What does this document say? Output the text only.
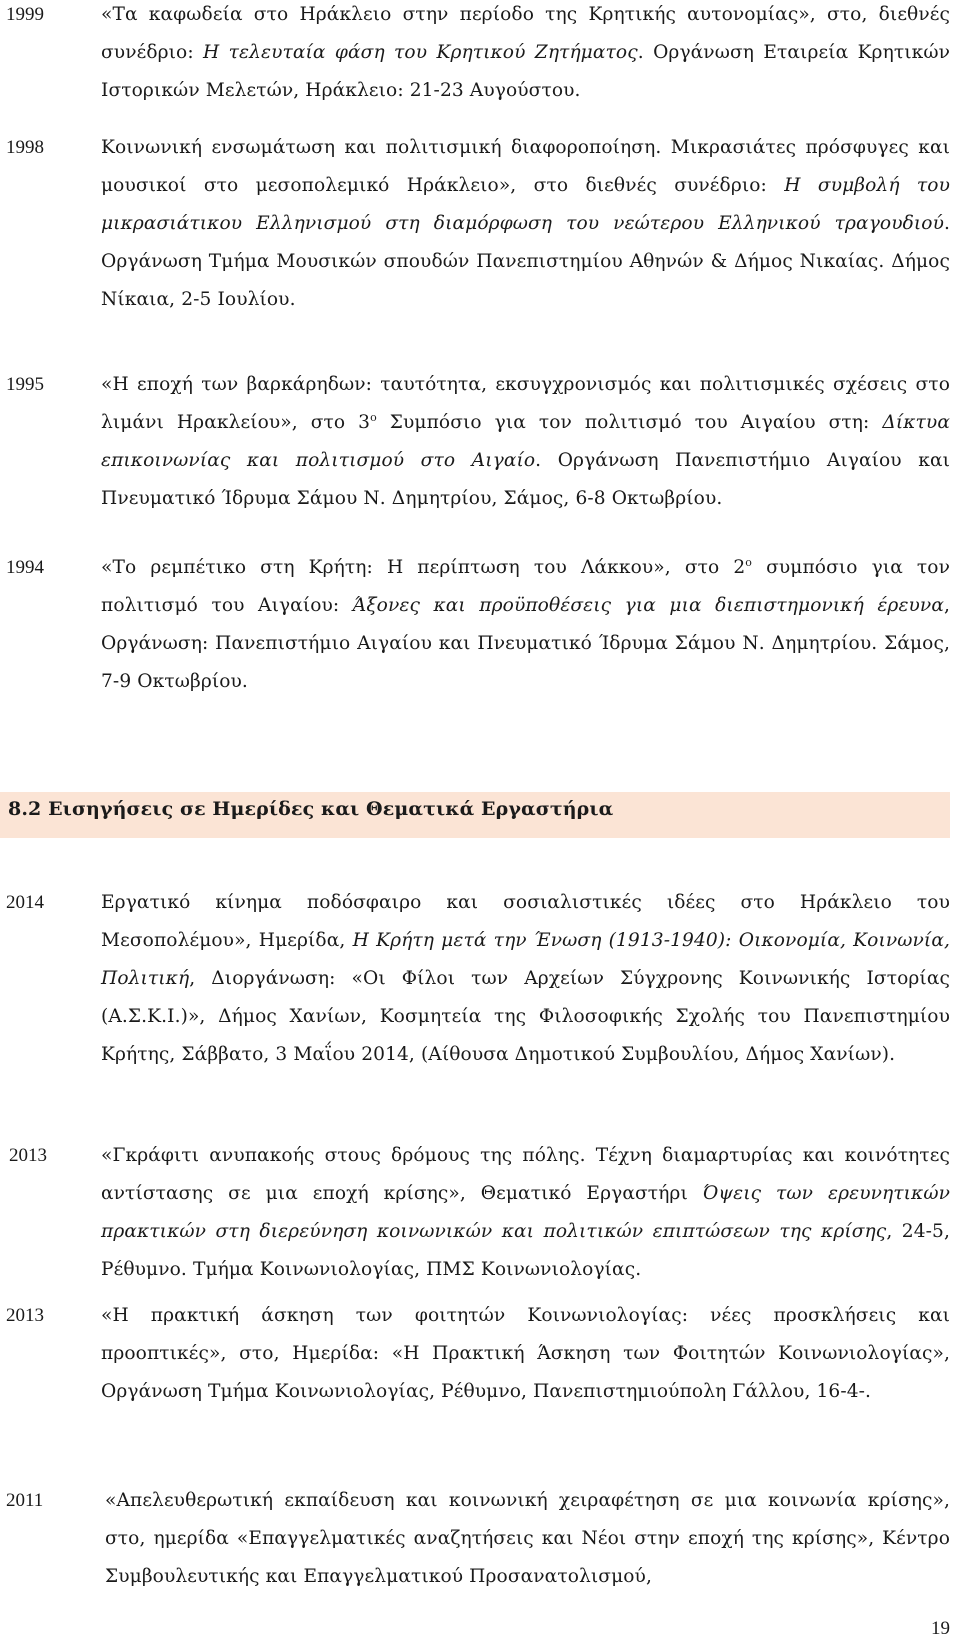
1999	«Τα καφωδεία στο Ηράκλειο στην περίοδο της Κρητικής αυτονομίας», στο, διεθνές συνέδριο: Η τελευταία φάση του Κρητικού Ζητήματος. Οργάνωση Εταιρεία Κρητικών Ιστορικών Μελετών, Ηράκλειο: 21-23 Αυγούστου.
1998	Κοινωνική ενσωμάτωση και πολιτισμική διαφοροποίηση. Μικρασιάτες πρόσφυγες και μουσικοί στο μεσοπολεμικό Ηράκλειο», στο διεθνές συνέδριο: Η συμβολή του μικρασιάτικου Ελληνισμού στη διαμόρφωση του νεώτερου Ελληνικού τραγουδιού. Οργάνωση Τμήμα Μουσικών σπουδών Πανεπιστημίου Αθηνών & Δήμος Νικαίας. Δήμος Νίκαια, 2-5 Ιουλίου.
1995	«Η εποχή των βαρκάρηδων: ταυτότητα, εκσυγχρονισμός και πολιτισμικές σχέσεις στο λιμάνι Ηρακλείου», στο $3^o$ Συμπόσιο για τον πολιτισμό του Αιγαίου στη: Δίκτυα επικοινωνίας και πολιτισμού στο Αιγαίο. Οργάνωση Πανεπιστήμιο Αιγαίου και Πνευματικό Ίδρυμα Σάμου Ν. Δημητρίου, Σάμος, 6-8 Οκτωβρίου.
1994	«Το ρεμπέτικο στη Κρήτη: Η περίπτωση του Λάκκου», στο $2^o$ συμπόσιο για τον πολιτισμό του Αιγαίου: Άξονες και προϋποθέσεις για μια διεπιστημονική έρευνα, Οργάνωση: Πανεπιστήμιο Αιγαίου και Πνευματικό Ίδρυμα Σάμου Ν. Δημητρίου. Σάμος, 7-9 Οκτωβρίου.
8.2 Εισηγήσεις σε Ημερίδες και Θεματικά Εργαστήρια
2014	Εργατικό κίνημα ποδόσφαιρο και σοσιαλιστικές ιδέες στο Ηράκλειο του Μεσοπολέμου», Ημερίδα, Η Κρήτη μετά την Ένωση (1913-1940): Οικονομία, Κοινωνία, Πολιτική, Διοργάνωση: «Οι Φίλοι των Αρχείων Σύγχρονης Κοινωνικής Ιστορίας (Α.Σ.Κ.Ι.)», Δήμος Χανίων, Κοσμητεία της Φιλοσοφικής Σχολής του Πανεπιστημίου Κρήτης, Σάββατο, 3 Μαΐου 2014, (Αίθουσα Δημοτικού Συμβουλίου, Δήμος Χανίων).
2013	«Γκράφιτι ανυπακοής στους δρόμους της πόλης. Τέχνη διαμαρτυρίας και κοινότητες αντίστασης σε μια εποχή κρίσης», Θεματικό Εργαστήρι Όψεις των ερευνητικών πρακτικών στη διερεύνηση κοινωνικών και πολιτικών επιπτώσεων της κρίσης, 24-5, Ρέθυμνο. Τμήμα Κοινωνιολογίας, ΠΜΣ Κοινωνιολογίας.
2013	«Η πρακτική άσκηση των φοιτητών Κοινωνιολογίας: νέες προσκλήσεις και προοπτικές», στο, Ημερίδα: «Η Πρακτική Άσκηση των Φοιτητών Κοινωνιολογίας», Οργάνωση Τμήμα Κοινωνιολογίας, Ρέθυμνο, Πανεπιστημιούπολη Γάλλου, 16-4-.
2011	«Απελευθερωτική εκπαίδευση και κοινωνική χειραφέτηση σε μια κοινωνία κρίσης», στο, ημερίδα «Επαγγελματικές αναζητήσεις και Νέοι στην εποχή της κρίσης», Κέντρο Συμβουλευτικής και Επαγγελματικού Προσανατολισμού,
19
